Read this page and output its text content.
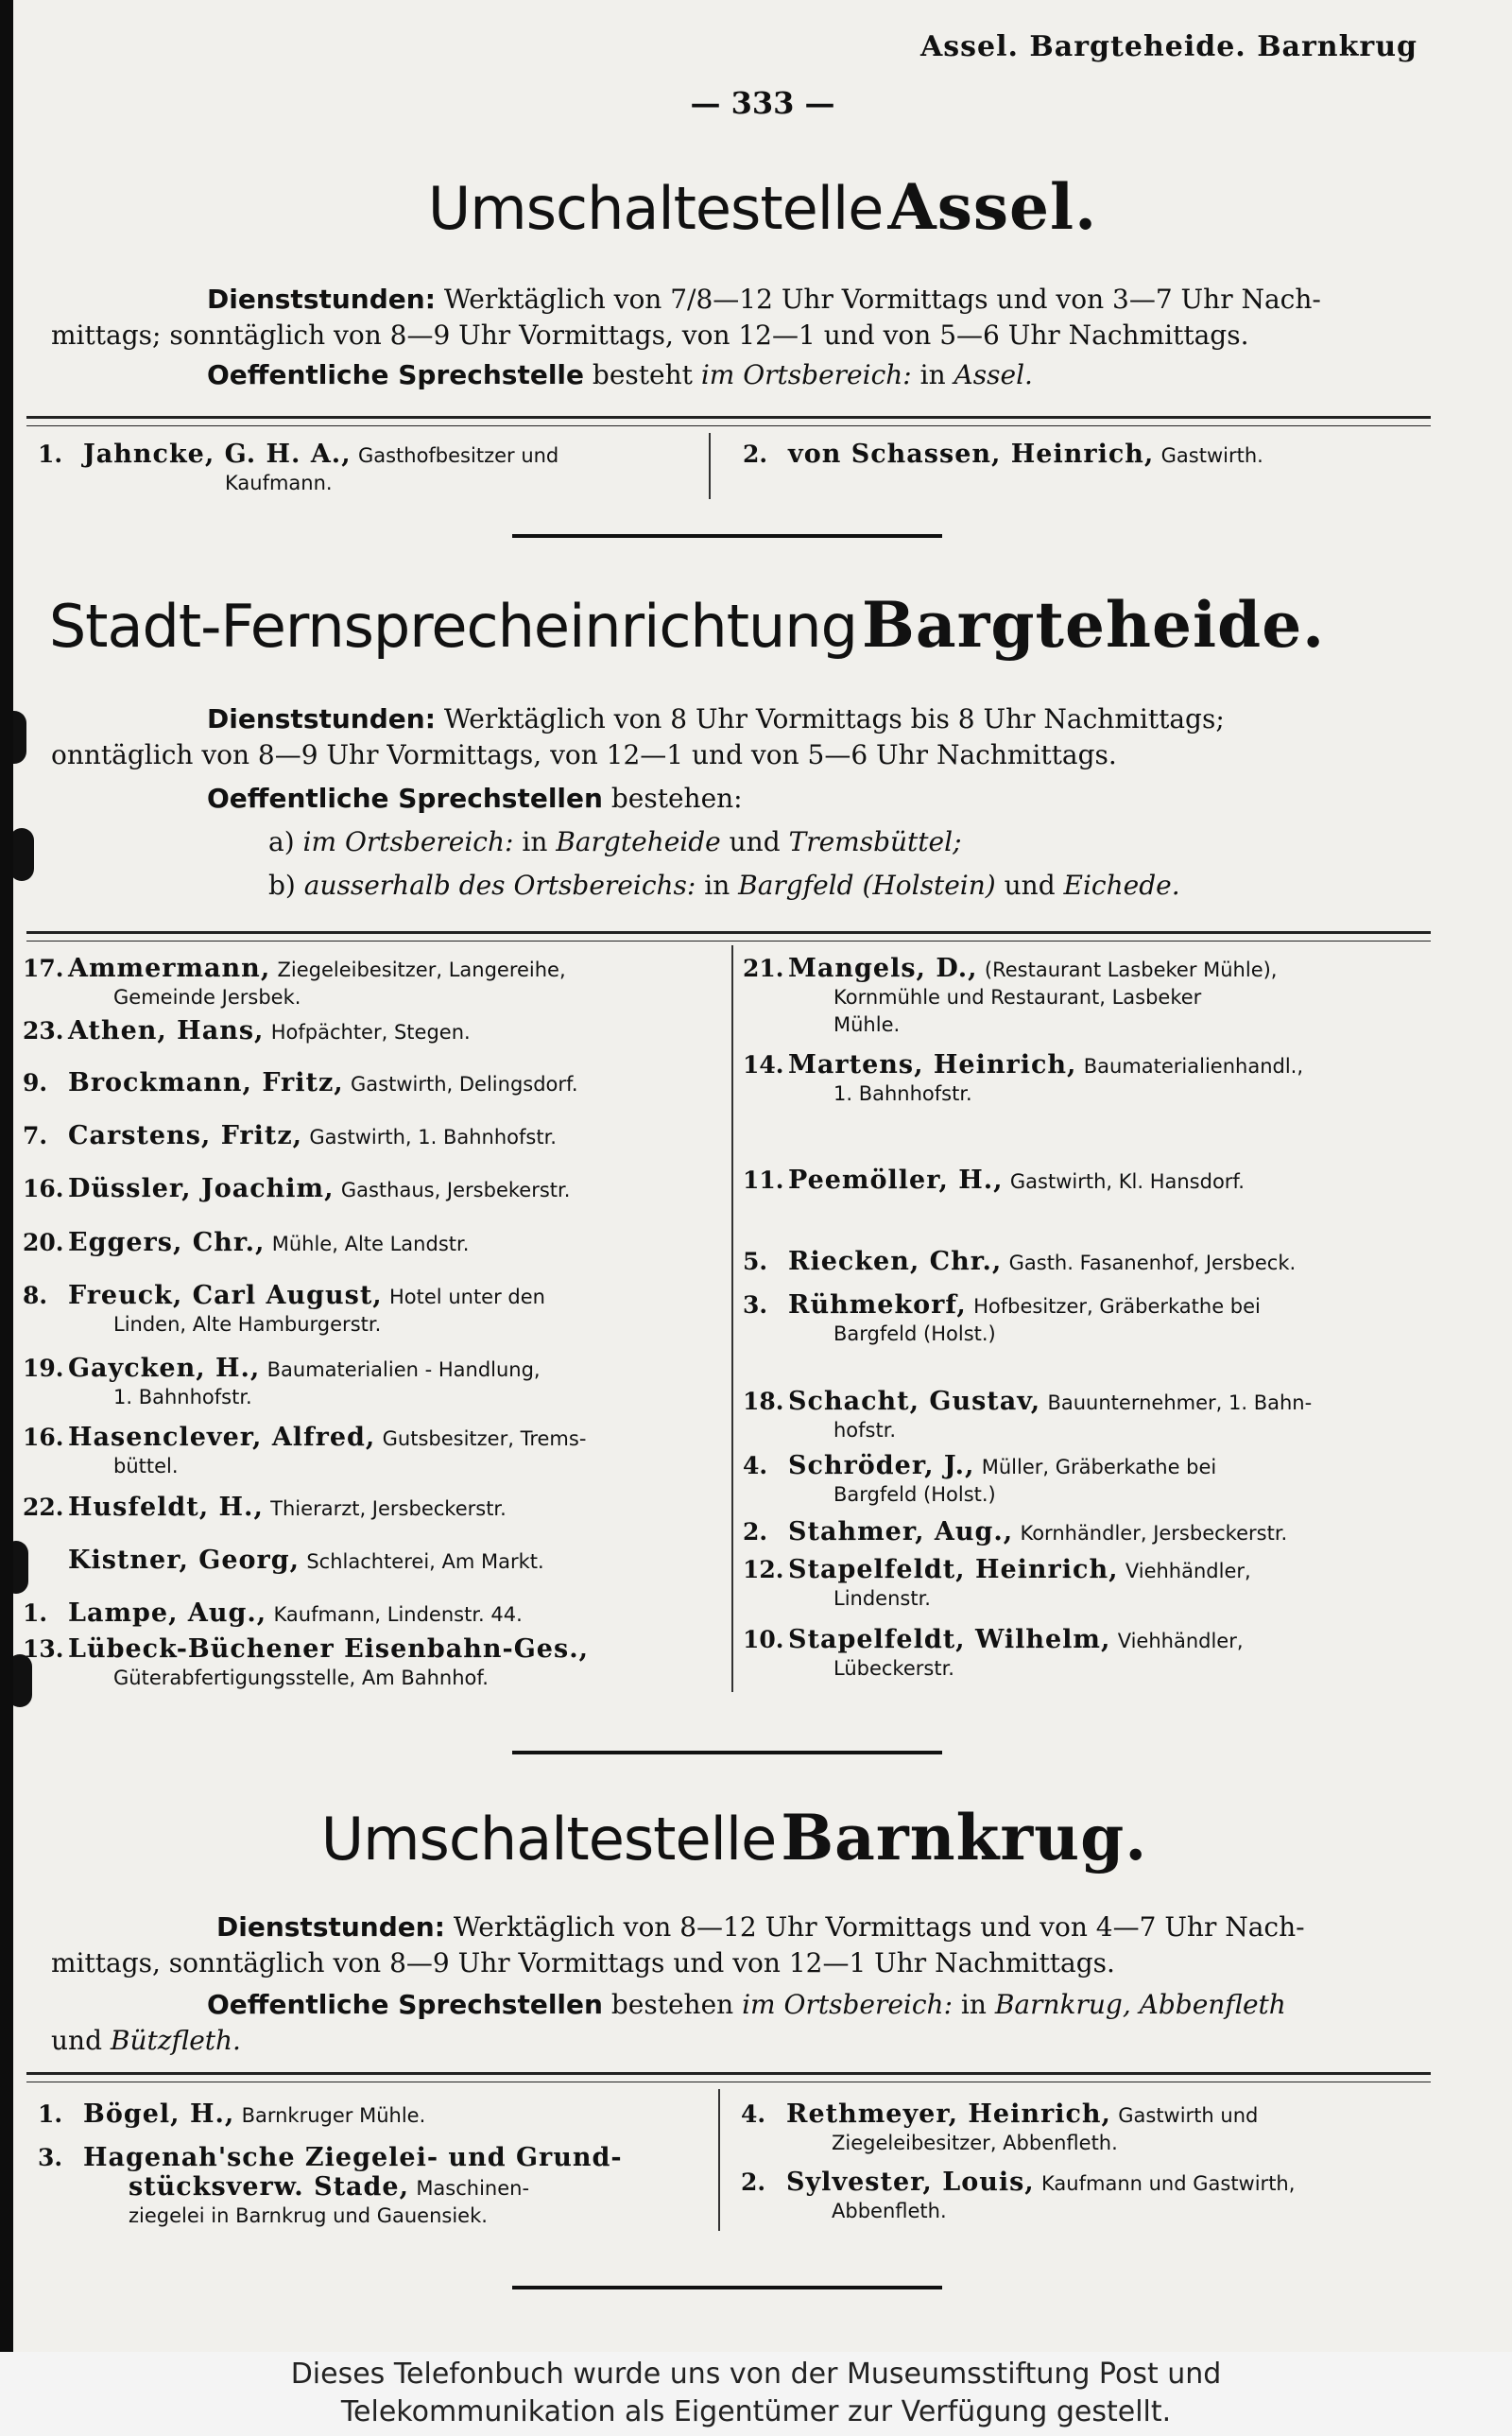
Assel. Bargteheide. Barnkrug
— 333 —
Umschaltestelle Assel.
Dienststunden: Werktäglich von 7/8—12 Uhr Vormittags und von 3—7 Uhr Nach-
mittags; sonntäglich von 8—9 Uhr Vormittags, von 12—1 und von 5—6 Uhr Nachmittags.
Oeffentliche Sprechstelle besteht im Ortsbereich: in Assel.
1. Jahncke, G. H. A., Gasthofbesitzer und
Kaufmann.
2. von Schassen, Heinrich, Gastwirth.
Stadt-Fernsprecheinrichtung Bargteheide.
Dienststunden: Werktäglich von 8 Uhr Vormittags bis 8 Uhr Nachmittags;
onntäglich von 8—9 Uhr Vormittags, von 12—1 und von 5—6 Uhr Nachmittags.
Oeffentliche Sprechstellen bestehen:
a) im Ortsbereich: in Bargteheide und Tremsbüttel;
b) ausserhalb des Ortsbereichs: in Bargfeld (Holstein) und Eichede.
17. Ammermann, Ziegeleibesitzer, Langereihe,
Gemeinde Jersbek.
23. Athen, Hans, Hofpächter, Stegen.
9. Brockmann, Fritz, Gastwirth, Delingsdorf.
7. Carstens, Fritz, Gastwirth, 1. Bahnhofstr.
16. Düssler, Joachim, Gasthaus, Jersbekerstr.
20. Eggers, Chr., Mühle, Alte Landstr.
8. Freuck, Carl August, Hotel unter den
Linden, Alte Hamburgerstr.
19. Gaycken, H., Baumaterialien - Handlung,
1. Bahnhofstr.
16. Hasenclever, Alfred, Gutsbesitzer, Trems-
büttel.
22. Husfeldt, H., Thierarzt, Jersbeckerstr.
Kistner, Georg, Schlachterei, Am Markt.
1. Lampe, Aug., Kaufmann, Lindenstr. 44.
13. Lübeck-Büchener Eisenbahn-Ges.,
Güterabfertigungsstelle, Am Bahnhof.
21. Mangels, D., (Restaurant Lasbeker Mühle),
Kornmühle und Restaurant, Lasbeker
Mühle.
14. Martens, Heinrich, Baumaterialienhandl.,
1. Bahnhofstr.
11. Peemöller, H., Gastwirth, Kl. Hansdorf.
5. Riecken, Chr., Gasth. Fasanenhof, Jersbeck.
3. Rühmekorf, Hofbesitzer, Gräberkathe bei
Bargfeld (Holst.)
18. Schacht, Gustav, Bauunternehmer, 1. Bahn-
hofstr.
4. Schröder, J., Müller, Gräberkathe bei
Bargfeld (Holst.)
2. Stahmer, Aug., Kornhändler, Jersbeckerstr.
12. Stapelfeldt, Heinrich, Viehhändler,
Lindenstr.
10. Stapelfeldt, Wilhelm, Viehhändler,
Lübeckerstr.
Umschaltestelle Barnkrug.
Dienststunden: Werktäglich von 8—12 Uhr Vormittags und von 4—7 Uhr Nach-
mittags, sonntäglich von 8—9 Uhr Vormittags und von 12—1 Uhr Nachmittags.
Oeffentliche Sprechstellen bestehen im Ortsbereich: in Barnkrug, Abbenfleth
und Bützfleth.
1. Bögel, H., Barnkruger Mühle.
3. Hagenah'sche Ziegelei- und Grund-
stücksverw. Stade, Maschinen-
ziegelei in Barnkrug und Gauensiek.
4. Rethmeyer, Heinrich, Gastwirth und
Ziegeleibesitzer, Abbenfleth.
2. Sylvester, Louis, Kaufmann und Gastwirth,
Abbenfleth.
Dieses Telefonbuch wurde uns von der Museumsstiftung Post und
Telekommunikation als Eigentümer zur Verfügung gestellt.
